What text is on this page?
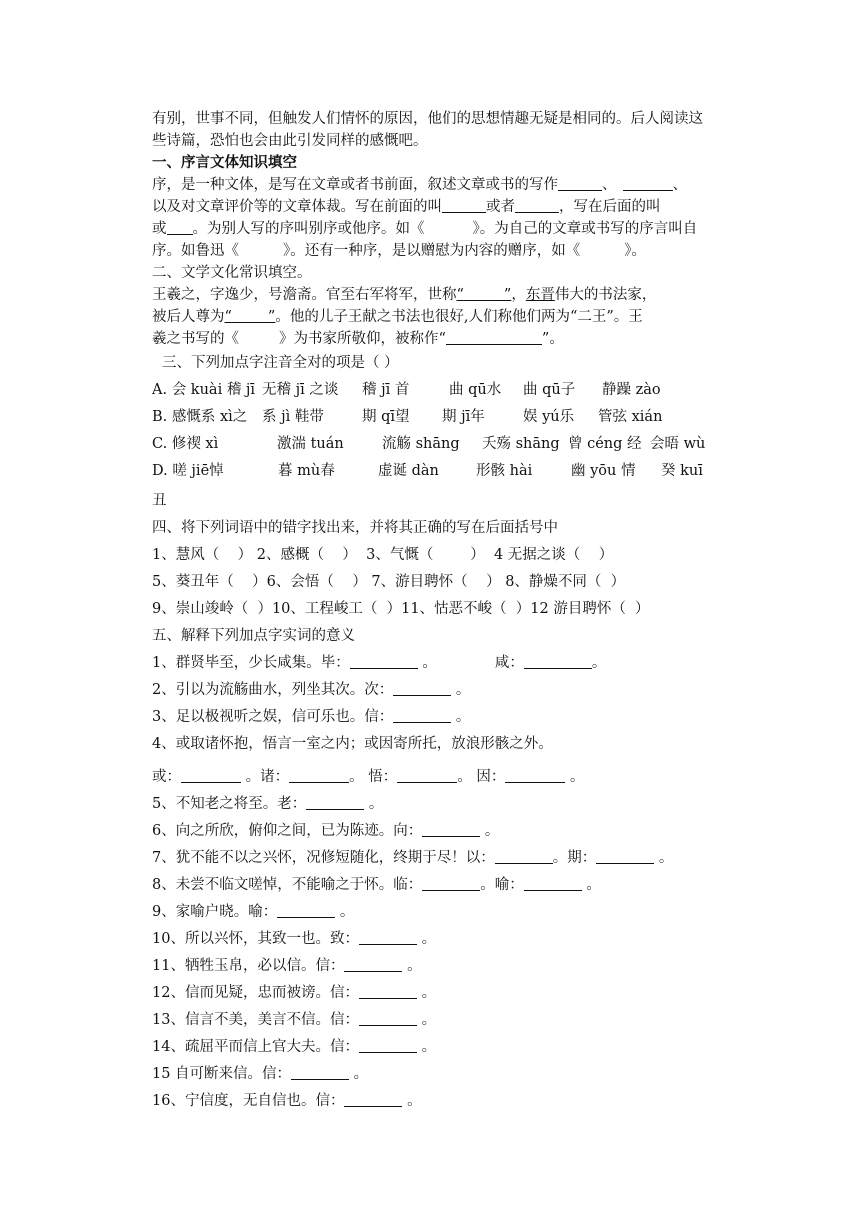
有别，世事不同，但触发人们情怀的原因，他们的思想情趣无疑是相同的。后人阅读这
些诗篇，恐怕也会由此引发同样的感慨吧。
一、序言文体知识填空
序，是一种文体，是写在文章或者书前面，叙述文章或书的写作	、	、
以及对文章评价等的文章体裁。写在前面的叫	或者	，写在后面的叫
或 。为别人写的序叫别序或他序。如《	》。为自己的文章或书写的序言叫自
序。如鲁迅《	》。还有一种序，是以赠慰为内容的赠序，如《	》。
二、文学文化常识填空。
王羲之，字逸少，号澹斋。官至右军将军，世称“	”，东晋伟大的书法家，
被后人尊为“ ”。他的儿子王献之书法也很好,人们称他们两为“二王”。王
羲之书写的《	》为书家所敬仰，被称作“	”。
三、下列加点字注音全对的项是（ ）
A. 会 kuài 稽 jī 无稽 jī 之谈 稽 jī 首	曲 qū水 曲 qū子 静躁 zào
B. 感慨系 xì之 系 jì 鞋带	期 qī望 期 jī年	娱 yú乐 管弦 xián
C. 修禊 xì	激湍 tuán	流觞 shāng 夭殇 shāng 曾 céng 经 会晤 wù
D. 嗟 jiē悼	暮 mù春	虚诞 dàn	形骸 hài	幽 yōu 情 癸 kuī
丑
四、将下列词语中的错字找出来，并将其正确的写在后面括号中
1、慧风（    ） 2、感概（    ）  3、气慨（        ）  4 无据之谈（    ）
5、葵丑年（    ）6、会悟（    ） 7、游目聘怀（    ） 8、静燥不同（  ）
9、崇山竣岭（  ）10、工程峻工（  ）11、怙恶不峻（  ）12 游目聘怀（  ）
五、解释下列加点字实词的意义
1、群贤毕至，少长咸集。毕：	。	咸：	。
2、引以为流觞曲水，列坐其次。次：	。
3、足以极视听之娱，信可乐也。信：	。
4、或取诸怀抱，悟言一室之内；或因寄所托，放浪形骸之外。
或：	。诸：	。 悟：	。 因：	。
5、不知老之将至。老：	。
6、向之所欣，俯仰之间，已为陈迹。向：	。
7、犹不能不以之兴怀，况修短随化，终期于尽！以：	。期：	。
8、未尝不临文嗟悼，不能喻之于怀。临：	。喻：	。
9、家喻户晓。喻：	。
10、所以兴怀，其致一也。致：	。
11、牺牲玉帛，必以信。信：	。
12、信而见疑，忠而被谤。信：	。
13、信言不美，美言不信。信：	。
14、疏屈平而信上官大夫。信：	。
15 自可断来信。信：	。
16、宁信度，无自信也。信：	。
